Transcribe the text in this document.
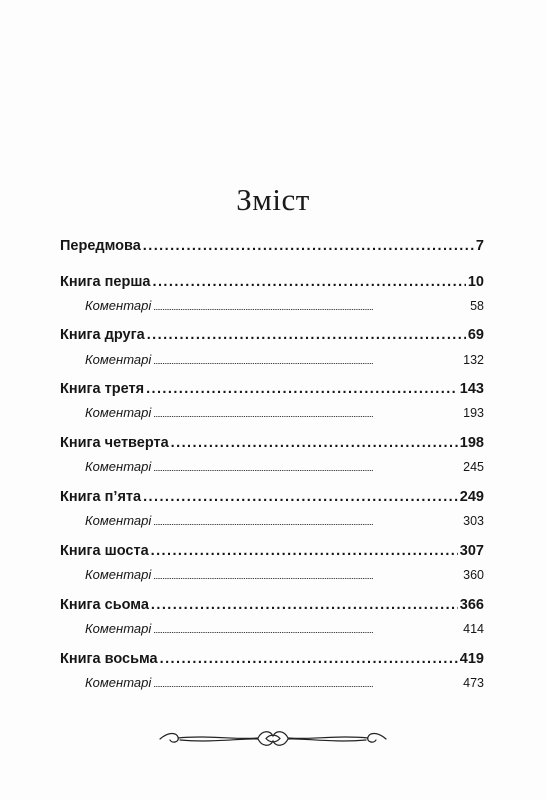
Зміст
Передмова . . .	7
Книга перша . . .	10
Коментарі . . .	58
Книга друга . . .	69
Коментарі . . .	132
Книга третя . . .	143
Коментарі . . .	193
Книга четверта . . .	198
Коментарі . . .	245
Книга п’ята . . .	249
Коментарі . . .	303
Книга шоста . . .	307
Коментарі . . .	360
Книга сьома . . .	366
Коментарі . . .	414
Книга восьма . . .	419
Коментарі . . .	473
